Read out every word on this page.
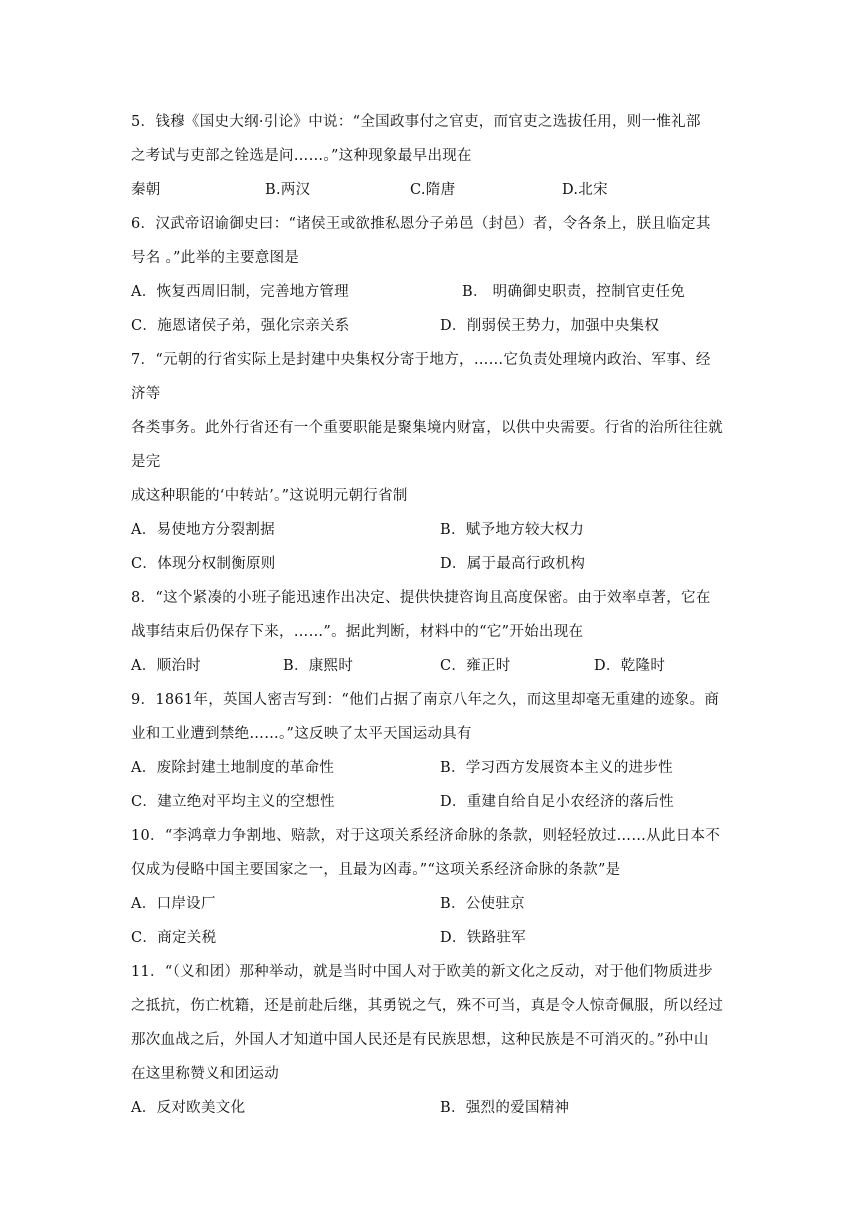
5．钱穆《国史大纲·引论》中说：“全国政事付之官吏，而官吏之选拔任用，则一惟礼部
之考试与吏部之铨选是问……。”这种现象最早出现在
秦朝	B.两汉	C.隋唐	D.北宋
6．汉武帝诏谕御史曰：“诸侯王或欲推私恩分子弟邑（封邑）者，令各条上，朕且临定其
号名 。”此举的主要意图是
A．恢复西周旧制，完善地方管理	B． 明确御史职责，控制官吏任免
C．施恩诸侯子弟，强化宗亲关系	D．削弱侯王势力，加强中央集权
7．“元朝的行省实际上是封建中央集权分寄于地方，……它负责处理境内政治、军事、经
济等
各类事务。此外行省还有一个重要职能是聚集境内财富，以供中央需要。行省的治所往往就
是完
成这种职能的‘中转站’。”这说明元朝行省制
A．易使地方分裂割据	B．赋予地方较大权力
C．体现分权制衡原则	D．属于最高行政机构
8．“这个紧凑的小班子能迅速作出决定、提供快捷咨询且高度保密。由于效率卓著，它在
战事结束后仍保存下来，……”。据此判断，材料中的“它”开始出现在
A．顺治时	B．康熙时	C．雍正时	D．乾隆时
9．1861年，英国人密吉写到：“他们占据了南京八年之久，而这里却毫无重建的迹象。商
业和工业遭到禁绝……。”这反映了太平天国运动具有
A．废除封建土地制度的革命性	B．学习西方发展资本主义的进步性
C．建立绝对平均主义的空想性	D．重建自给自足小农经济的落后性
10．“李鸿章力争割地、赔款，对于这项关系经济命脉的条款，则轻轻放过……从此日本不
仅成为侵略中国主要国家之一，且最为凶毒。”“这项关系经济命脉的条款”是
A．口岸设厂	B．公使驻京
C．商定关税	D．铁路驻军
11．“（义和团）那种举动，就是当时中国人对于欧美的新文化之反动，对于他们物质进步
之抵抗，伤亡枕籍，还是前赴后继，其勇锐之气，殊不可当，真是令人惊奇佩服，所以经过
那次血战之后，外国人才知道中国人民还是有民族思想，这种民族是不可消灭的。”孙中山
在这里称赞义和团运动
A．反对欧美文化	B．强烈的爱国精神
